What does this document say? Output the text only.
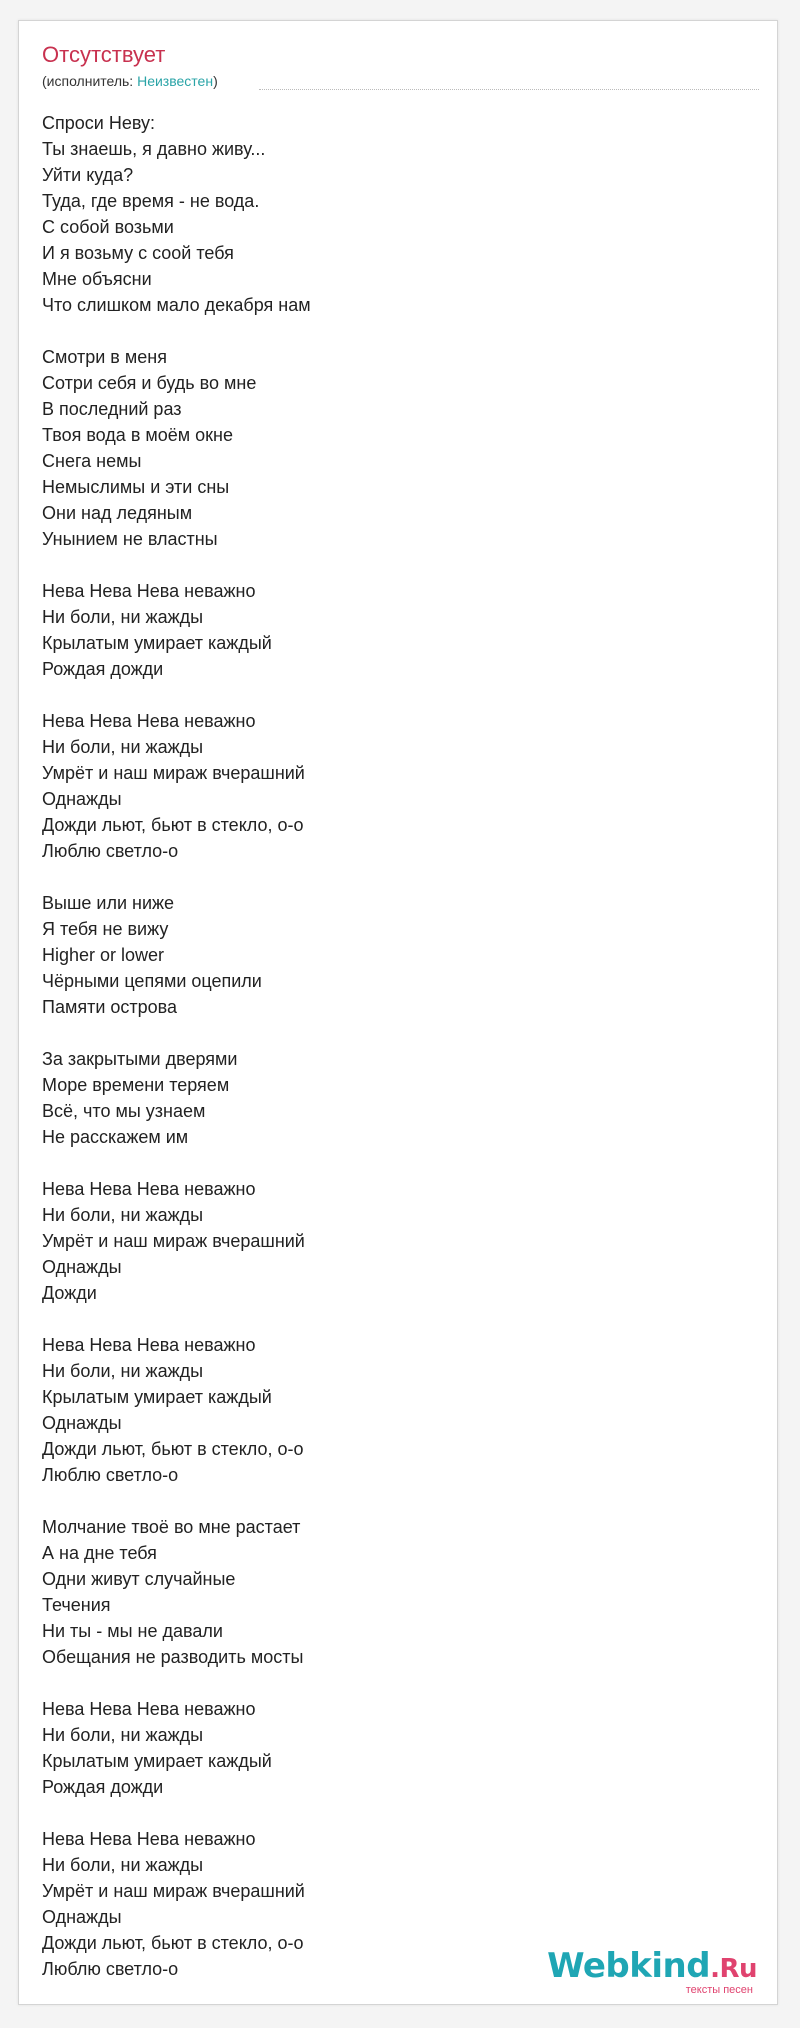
Отсутствует
(исполнитель: Неизвестен)
Спроси Неву:
Ты знаешь, я давно живу...
Уйти куда?
Туда, где время - не вода.
С собой возьми
И я возьму с соой тебя
Мне объясни
Что слишком мало декабря нам
Смотри в меня
Сотри себя и будь во мне
В последний раз
Твоя вода в моём окне
Снега немы
Немыслимы и эти сны
Они над ледяным
Унынием не властны
Нева Нева Нева неважно
Ни боли, ни жажды
Крылатым умирает каждый
Рождая дожди
Нева Нева Нева неважно
Ни боли, ни жажды
Умрёт и наш мираж вчерашний
Однажды
Дожди льют, бьют в стекло, о-о
Люблю светло-о
Выше или ниже
Я тебя не вижу
Higher or lower
Чёрными цепями оцепили
Памяти острова
За закрытыми дверями
Море времени теряем
Всё, что мы узнаем
Не расскажем им
Нева Нева Нева неважно
Ни боли, ни жажды
Умрёт и наш мираж вчерашний
Однажды
Дожди
Нева Нева Нева неважно
Ни боли, ни жажды
Крылатым умирает каждый
Однажды
Дожди льют, бьют в стекло, о-о
Люблю светло-о
Молчание твоё во мне растает
А на дне тебя
Одни живут случайные
Течения
Ни ты - мы не давали
Обещания не разводить мосты
Нева Нева Нева неважно
Ни боли, ни жажды
Крылатым умирает каждый
Рождая дожди
Нева Нева Нева неважно
Ни боли, ни жажды
Умрёт и наш мираж вчерашний
Однажды
Дожди льют, бьют в стекло, о-о
Люблю светло-о	Webkind.Ru
тексты песен
